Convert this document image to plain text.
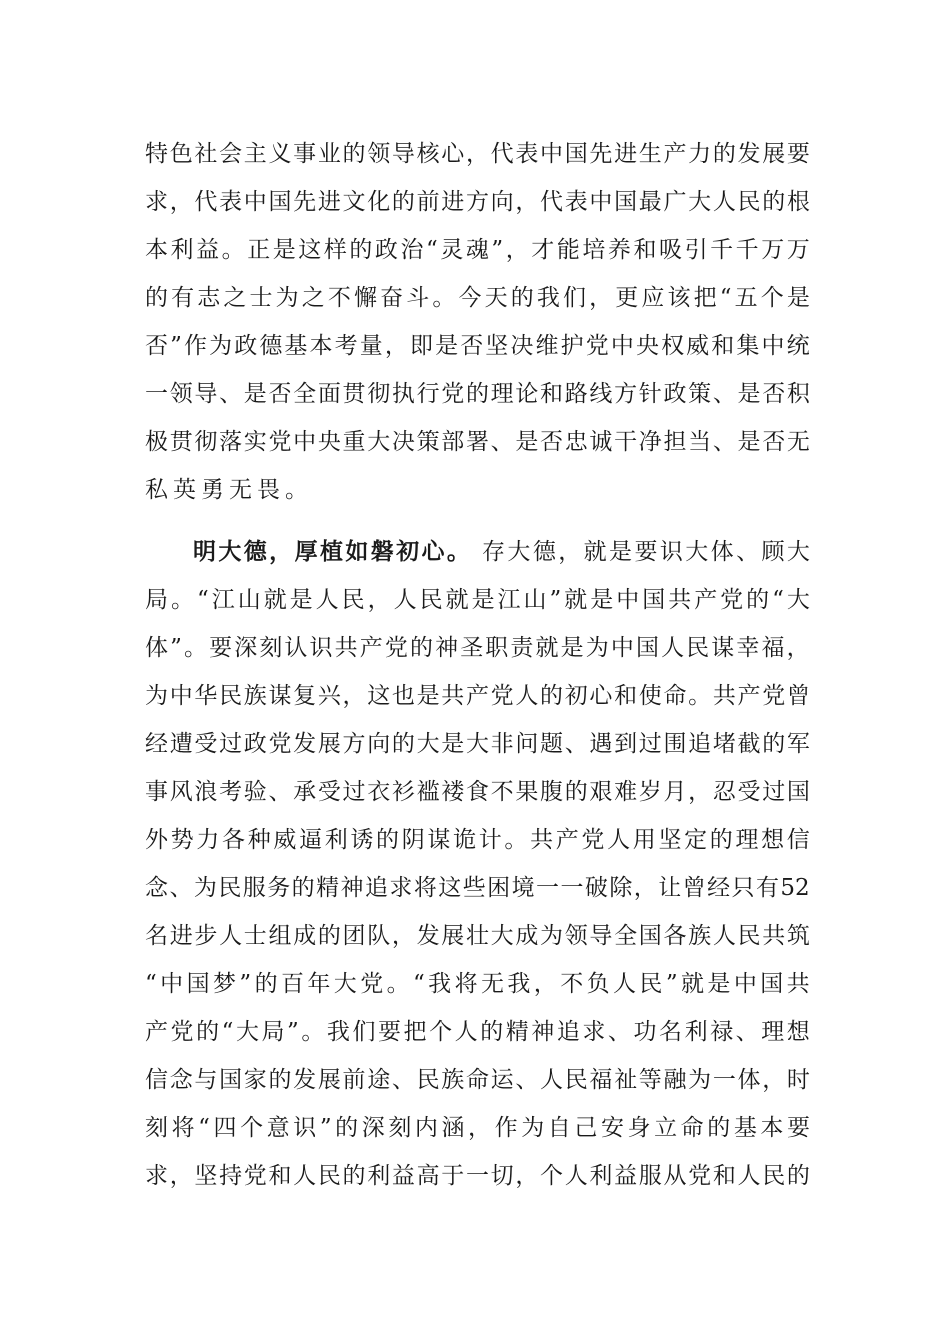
特 色 社 会 主 义 事 业 的 领 导 核 心 ， 代 表 中 国 先 进 生 产 力 的 发 展 要
求 ， 代 表 中 国 先 进 文 化 的 前 进 方 向 ， 代 表 中 国 最 广 大 人 民 的 根
本 利 益 。 正 是 这 样 的 政 治 “ 灵 魂 ” ， 才 能 培 养 和 吸 引 千 千 万 万
的 有 志 之 士 为 之 不 懈 奋 斗 。 今 天 的 我 们 ， 更 应 该 把 “ 五 个 是
否 ” 作 为 政 德 基 本 考 量 ， 即 是 否 坚 决 维 护 党 中 央 权 威 和 集 中 统
一 领 导 、 是 否 全 面 贯 彻 执 行 党 的 理 论 和 路 线 方 针 政 策 、 是 否 积
极 贯 彻 落 实 党 中 央 重 大 决 策 部 署 、 是 否 忠 诚 干 净 担 当 、 是 否 无
私英勇无畏。
明 大 德 ， 厚 植 如 磐 初 心 。 存 大 德 ， 就 是 要 识 大 体 、 顾 大
局 。 “ 江 山 就 是 人 民 ， 人 民 就 是 江 山 ” 就 是 中 国 共 产 党 的 “ 大
体 ” 。 要 深 刻 认 识 共 产 党 的 神 圣 职 责 就 是 为 中 国 人 民 谋 幸 福 ，
为 中 华 民 族 谋 复 兴 ， 这 也 是 共 产 党 人 的 初 心 和 使 命 。 共 产 党 曾
经 遭 受 过 政 党 发 展 方 向 的 大 是 大 非 问 题 、 遇 到 过 围 追 堵 截 的 军
事 风 浪 考 验 、 承 受 过 衣 衫 褴 褛 食 不 果 腹 的 艰 难 岁 月 ， 忍 受 过 国
外 势 力 各 种 威 逼 利 诱 的 阴 谋 诡 计 。 共 产 党 人 用 坚 定 的 理 想 信
念 、 为 民 服 务 的 精 神 追 求 将 这 些 困 境 一 一 破 除 ， 让 曾 经 只 有 52
名 进 步 人 士 组 成 的 团 队 ， 发 展 壮 大 成 为 领 导 全 国 各 族 人 民 共 筑
“ 中 国 梦 ” 的 百 年 大 党 。 “ 我 将 无 我 ， 不 负 人 民 ” 就 是 中 国 共
产 党 的 “ 大 局 ” 。 我 们 要 把 个 人 的 精 神 追 求 、 功 名 利 禄 、 理 想
信 念 与 国 家 的 发 展 前 途 、 民 族 命 运 、 人 民 福 祉 等 融 为 一 体 ， 时
刻 将 “ 四 个 意 识 ” 的 深 刻 内 涵 ， 作 为 自 己 安 身 立 命 的 基 本 要
求 ， 坚 持 党 和 人 民 的 利 益 高 于 一 切 ， 个 人 利 益 服 从 党 和 人 民 的
